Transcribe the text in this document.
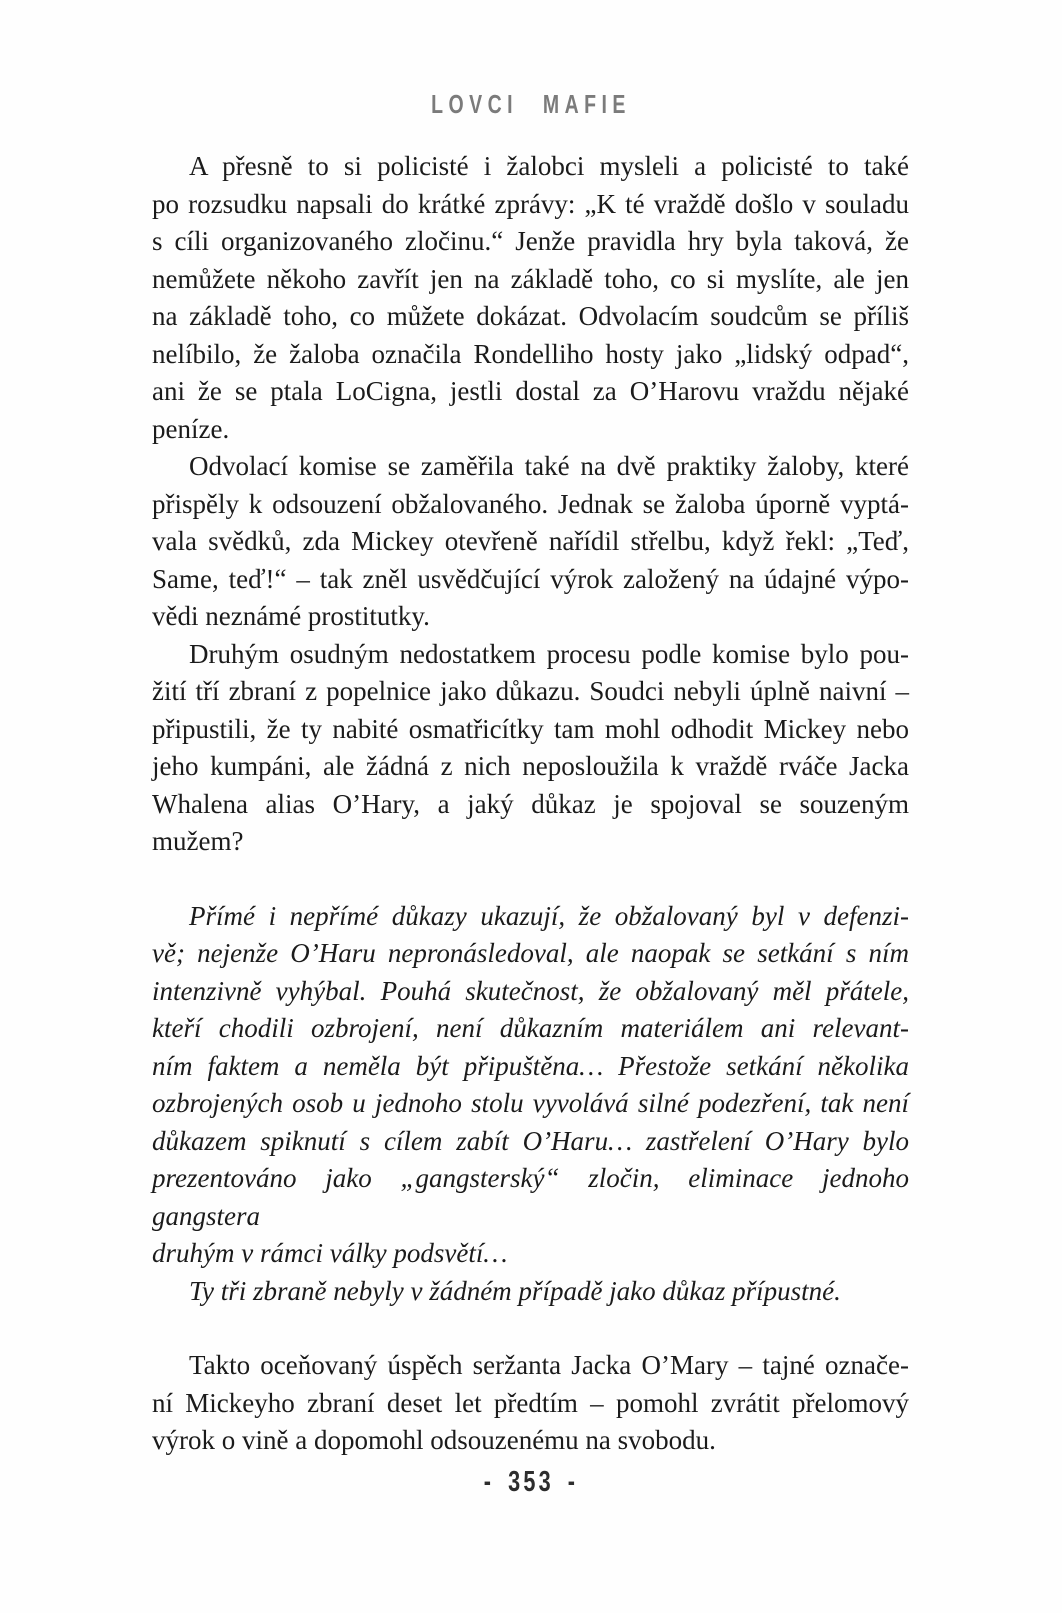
LOVCI MAFIE
A přesně to si policisté i žalobci mysleli a policisté to také
po rozsudku napsali do krátké zprávy: „K té vraždě došlo v souladu
s cíli organizovaného zločinu.“ Jenže pravidla hry byla taková, že
nemůžete někoho zavřít jen na základě toho, co si myslíte, ale jen
na základě toho, co můžete dokázat. Odvolacím soudcům se příliš
nelíbilo, že žaloba označila Rondelliho hosty jako „lidský odpad“,
ani že se ptala LoCigna, jestli dostal za O’Harovu vraždu nějaké
peníze.
Odvolací komise se zaměřila také na dvě praktiky žaloby, které
přispěly k odsouzení obžalovaného. Jednak se žaloba úporně vyptá-
vala svědků, zda Mickey otevřeně nařídil střelbu, když řekl: „Teď,
Same, teď!“ – tak zněl usvědčující výrok založený na údajné výpo-
vědi neznámé prostitutky.
Druhým osudným nedostatkem procesu podle komise bylo pou-
žití tří zbraní z popelnice jako důkazu. Soudci nebyli úplně naivní –
připustili, že ty nabité osmatřicítky tam mohl odhodit Mickey nebo
jeho kumpáni, ale žádná z nich neposloužila k vraždě rváče Jacka
Whalena alias O’Hary, a jaký důkaz je spojoval se souzeným mužem?
Přímé i nepřímé důkazy ukazují, že obžalovaný byl v defenzi-
vě; nejenže O’Haru nepronásledoval, ale naopak se setkání s ním
intenzivně vyhýbal. Pouhá skutečnost, že obžalovaný měl přátele,
kteří chodili ozbrojení, není důkazním materiálem ani relevant-
ním faktem a neměla být připuštěna… Přestože setkání několika
ozbrojených osob u jednoho stolu vyvolává silné podezření, tak není
důkazem spiknutí s cílem zabít O’Haru… zastřelení O’Hary bylo
prezentováno jako „gangsterský“ zločin, eliminace jednoho gangstera
druhým v rámci války podsvětí…
Ty tři zbraně nebyly v žádném případě jako důkaz přípustné.
Takto oceňovaný úspěch seržanta Jacka O’Mary – tajné označe-
ní Mickeyho zbraní deset let předtím – pomohl zvrátit přelomový
výrok o vině a dopomohl odsouzenému na svobodu.
- 353 -
